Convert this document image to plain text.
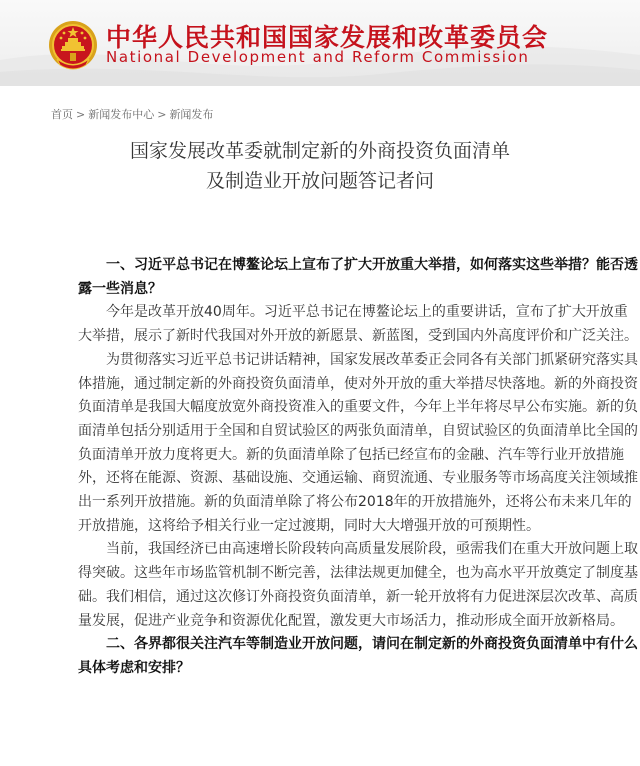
中华人民共和国国家发展和改革委员会
National Development and Reform Commission
首页 > 新闻发布中心 > 新闻发布
国家发展改革委就制定新的外商投资负面清单
及制造业开放问题答记者问

一、习近平总书记在博鳌论坛上宣布了扩大开放重大举措，如何落实这些举措？能否透露一些消息？

今年是改革开放40周年。习近平总书记在博鳌论坛上的重要讲话，宣布了扩大开放重大举措，展示了新时代我国对外开放的新愿景、新蓝图，受到国内外高度评价和广泛关注。

为贯彻落实习近平总书记讲话精神，国家发展改革委正会同各有关部门抓紧研究落实具体措施，通过制定新的外商投资负面清单，使对外开放的重大举措尽快落地。新的外商投资负面清单是我国大幅度放宽外商投资准入的重要文件，今年上半年将尽早公布实施。新的负面清单包括分别适用于全国和自贸试验区的两张负面清单，自贸试验区的负面清单比全国的负面清单开放力度将更大。新的负面清单除了包括已经宣布的金融、汽车等行业开放措施外，还将在能源、资源、基础设施、交通运输、商贸流通、专业服务等市场高度关注领域推出一系列开放措施。新的负面清单除了将公布2018年的开放措施外，还将公布未来几年的开放措施，这将给予相关行业一定过渡期，同时大大增强开放的可预期性。

当前，我国经济已由高速增长阶段转向高质量发展阶段，亟需我们在重大开放问题上取得突破。这些年市场监管机制不断完善，法律法规更加健全，也为高水平开放奠定了制度基础。我们相信，通过这次修订外商投资负面清单，新一轮开放将有力促进深层次改革、高质量发展，促进产业竞争和资源优化配置，激发更大市场活力，推动形成全面开放新格局。

二、各界都很关注汽车等制造业开放问题，请问在制定新的外商投资负面清单中有什么具体考虑和安排？
